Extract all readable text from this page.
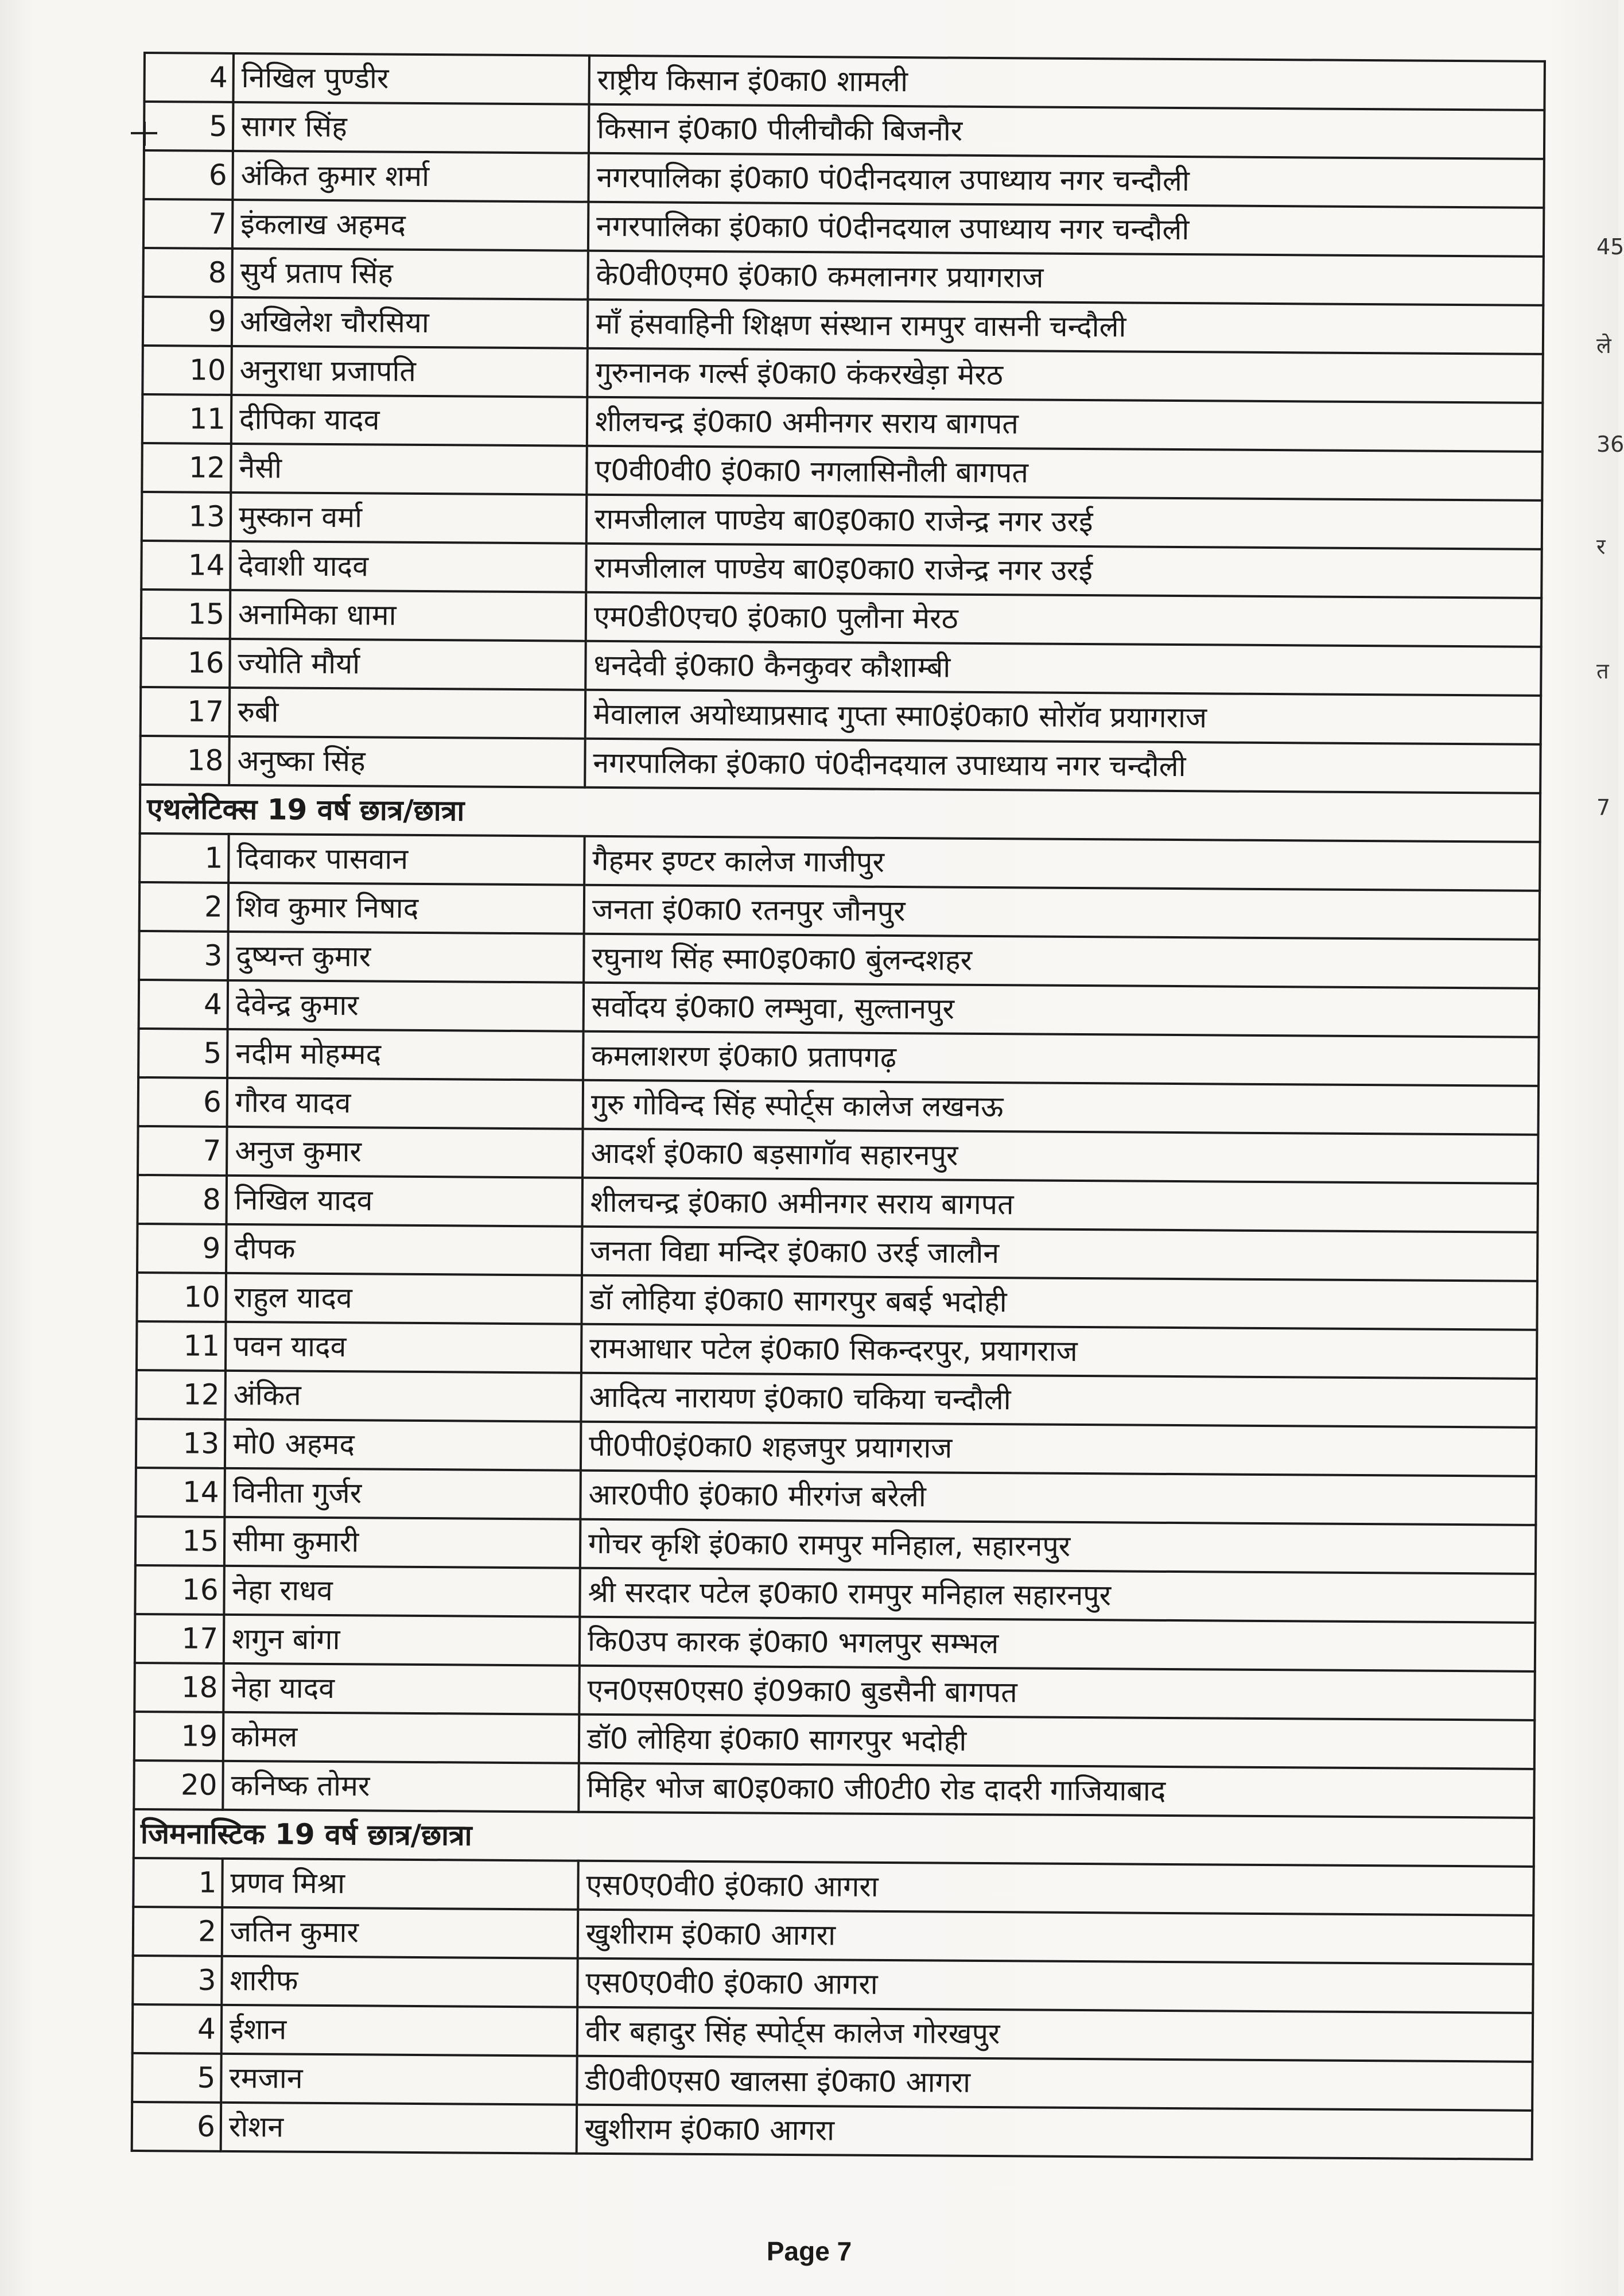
4	निखिल पुण्डीर	राष्ट्रीय किसान इं0का0 शामली
5	सागर सिंह	किसान इं0का0 पीलीचौकी बिजनौर
6	अंकित कुमार शर्मा	नगरपालिका इं0का0 पं0दीनदयाल उपाध्याय नगर चन्दौली
7	इंकलाख अहमद	नगरपालिका इं0का0 पं0दीनदयाल उपाध्याय नगर चन्दौली
8	सुर्य प्रताप सिंह	के0वी0एम0 इं0का0 कमलानगर प्रयागराज
9	अखिलेश चौरसिया	माँ हंसवाहिनी शिक्षण संस्थान रामपुर वासनी चन्दौली
10	अनुराधा प्रजापति	गुरुनानक गर्ल्स इं0का0 कंकरखेड़ा मेरठ
11	दीपिका यादव	शीलचन्द्र इं0का0 अमीनगर सराय बागपत
12	नैसी	ए0वी0वी0 इं0का0 नगलासिनौली बागपत
13	मुस्कान वर्मा	रामजीलाल पाण्डेय बा0इ0का0 राजेन्द्र नगर उरई
14	देवाशी यादव	रामजीलाल पाण्डेय बा0इ0का0 राजेन्द्र नगर उरई
15	अनामिका धामा	एम0डी0एच0 इं0का0 पुलौना मेरठ
16	ज्योति मौर्या	धनदेवी इं0का0 कैनकुवर कौशाम्बी
17	रुबी	मेवालाल अयोध्याप्रसाद गुप्ता स्मा0इं0का0 सोरॉव प्रयागराज
18	अनुष्का सिंह	नगरपालिका इं0का0 पं0दीनदयाल उपाध्याय नगर चन्दौली
एथलेटिक्स 19 वर्ष छात्र/छात्रा		
1	दिवाकर पासवान	गैहमर इण्टर कालेज गाजीपुर
2	शिव कुमार निषाद	जनता इं0का0 रतनपुर जौनपुर
3	दुष्यन्त कुमार	रघुनाथ सिंह स्मा0इ0का0 बुंलन्दशहर
4	देवेन्द्र कुमार	सर्वोदय इं0का0 लम्भुवा, सुल्तानपुर
5	नदीम मोहम्मद	कमलाशरण इं0का0 प्रतापगढ़
6	गौरव यादव	गुरु गोविन्द सिंह स्पोर्ट्स कालेज लखनऊ
7	अनुज कुमार	आदर्श इं0का0 बड़सागॉव सहारनपुर
8	निखिल यादव	शीलचन्द्र इं0का0 अमीनगर सराय बागपत
9	दीपक	जनता विद्या मन्दिर इं0का0 उरई जालौन
10	राहुल यादव	डॉ लोहिया इं0का0 सागरपुर बबई भदोही
11	पवन यादव	रामआधार पटेल इं0का0 सिकन्दरपुर, प्रयागराज
12	अंकित	आदित्य नारायण इं0का0 चकिया चन्दौली
13	मो0 अहमद	पी0पी0इं0का0 शहजपुर प्रयागराज
14	विनीता गुर्जर	आर0पी0 इं0का0 मीरगंज बरेली
15	सीमा कुमारी	गोचर कृशि इं0का0 रामपुर मनिहाल, सहारनपुर
16	नेहा राधव	श्री सरदार पटेल इ0का0 रामपुर मनिहाल सहारनपुर
17	शगुन बांगा	कि0उप कारक इं0का0 भगलपुर सम्भल
18	नेहा यादव	एन0एस0एस0 इं09का0 बुडसैनी बागपत
19	कोमल	डॉ0 लोहिया इं0का0 सागरपुर भदोही
20	कनिष्क तोमर	मिहिर भोज बा0इ0का0 जी0टी0 रोड दादरी गाजियाबाद
जिमनास्टिक 19 वर्ष छात्र/छात्रा		
1	प्रणव मिश्रा	एस0ए0वी0 इं0का0 आगरा
2	जतिन कुमार	खुशीराम इं0का0 आगरा
3	शारीफ	एस0ए0वी0 इं0का0 आगरा
4	ईशान	वीर बहादुर सिंह स्पोर्ट्स कालेज गोरखपुर
5	रमजान	डी0वी0एस0 खालसा इं0का0 आगरा
6	रोशन	खुशीराम इं0का0 आगरा
Page 7
45
ले
36
र
त
7
